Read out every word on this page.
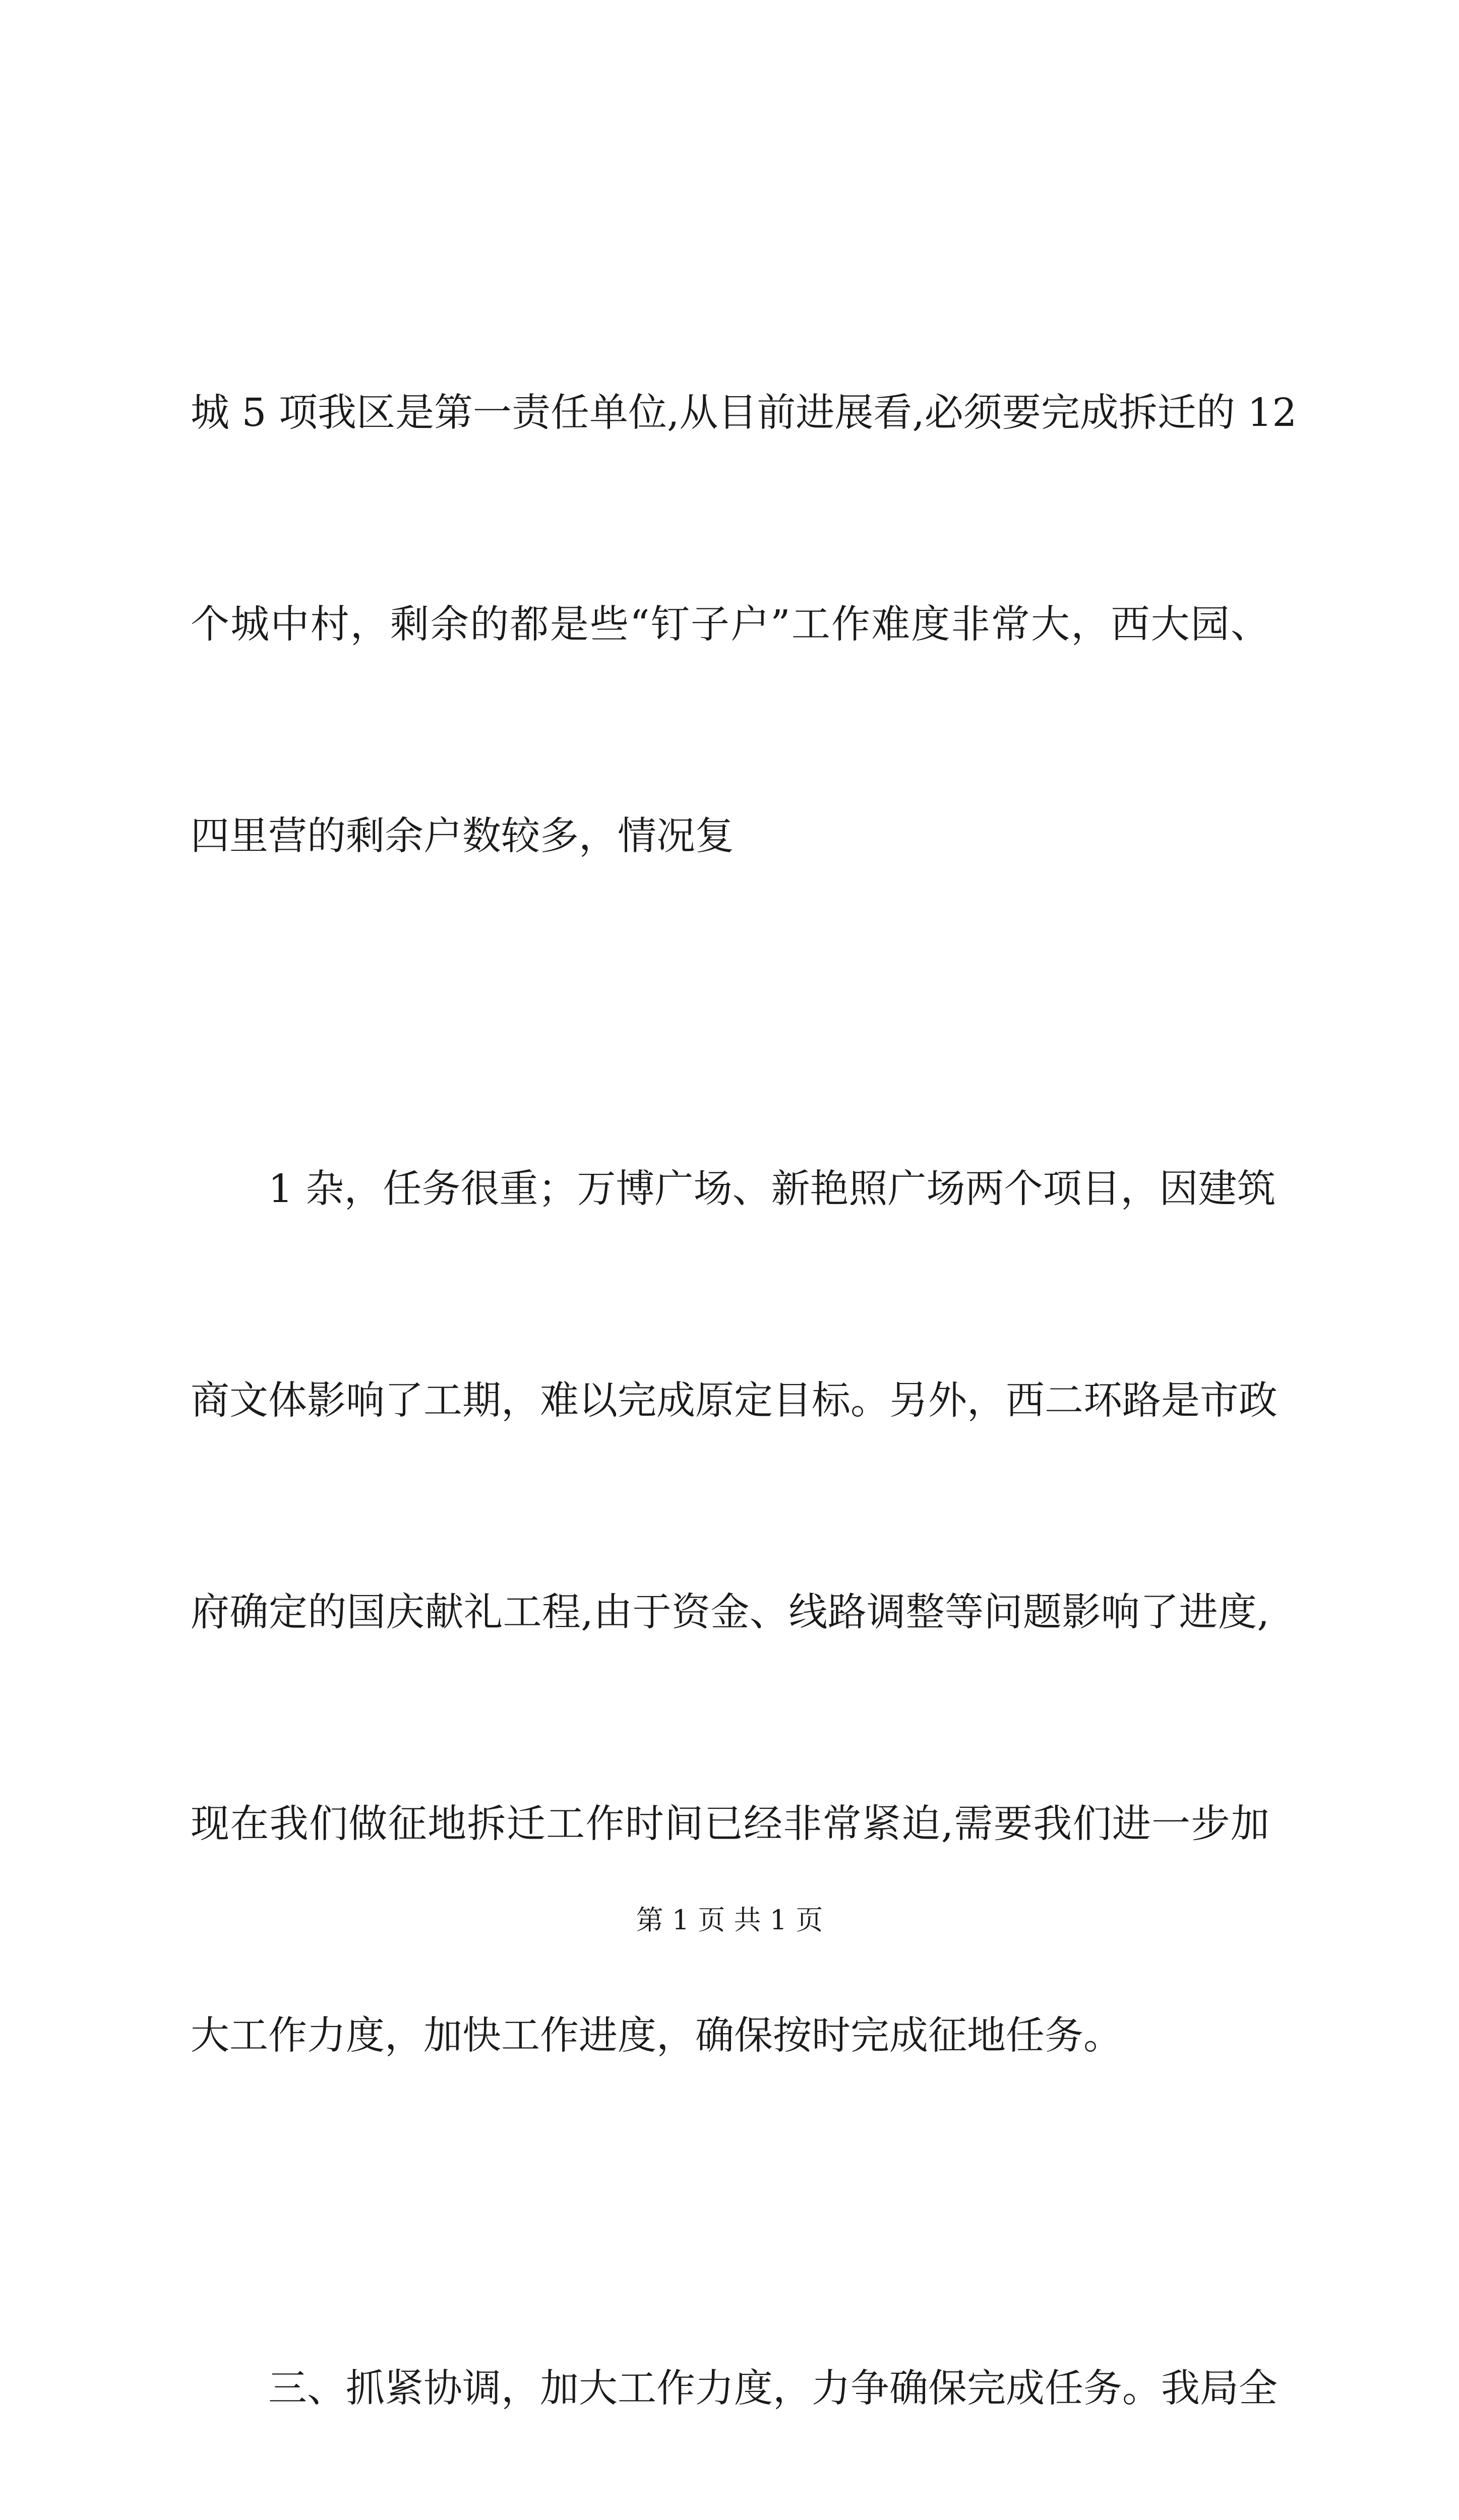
城 5 项我区是第一责任单位,从目前进展看,必须要完成拆迁的 12

个城中村，剩余的都是些“钉子户”工作难度非常大，西大园、

四里营的剩余户数较多，情况复

1 杂，任务很重；万博广场、新艳照广场两个项目，因建筑

商文体影响了工期，难以完成原定目标。另外，西二环路是市政

府确定的国庆献礼工程,由于资金、线路调整等问题影响了进度,

现在我们做征地拆迁工作时间已经非常紧迫,需要我们进一步加

大工作力度，加快工作进度，确保按时完成征地任务。

三、抓紧协调，加大工作力度，力争确保完成任务。我局全

第 1 页 共 1 页
